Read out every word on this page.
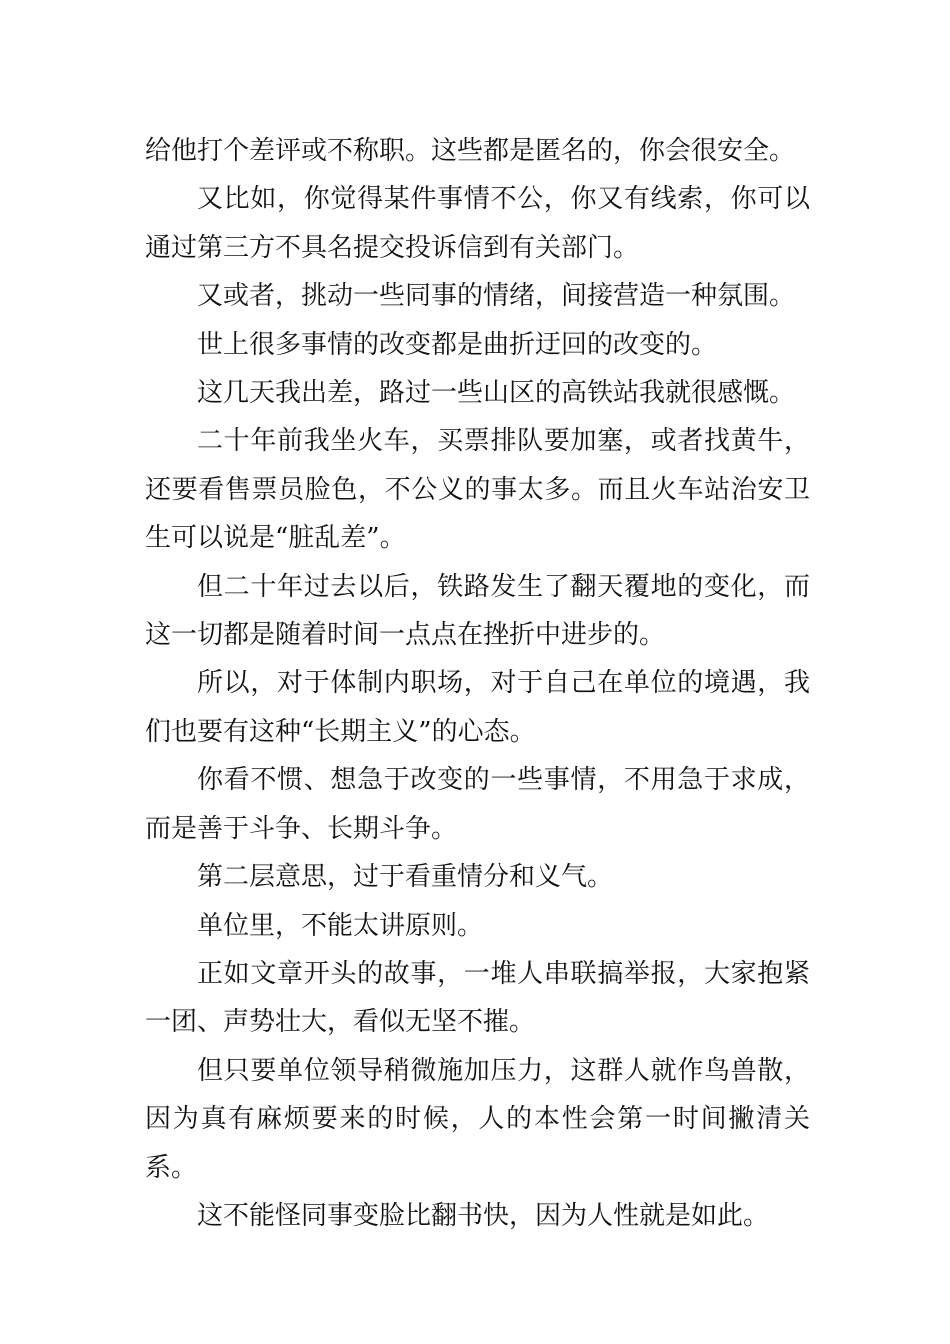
给他打个差评或不称职。这些都是匿名的，你会很安全。

又比如，你觉得某件事情不公，你又有线索，你可以通过第三方不具名提交投诉信到有关部门。

又或者，挑动一些同事的情绪，间接营造一种氛围。

世上很多事情的改变都是曲折迂回的改变的。

这几天我出差，路过一些山区的高铁站我就很感慨。

二十年前我坐火车，买票排队要加塞，或者找黄牛，还要看售票员脸色，不公义的事太多。而且火车站治安卫生可以说是“脏乱差”。

但二十年过去以后，铁路发生了翻天覆地的变化，而这一切都是随着时间一点点在挫折中进步的。

所以，对于体制内职场，对于自己在单位的境遇，我们也要有这种“长期主义”的心态。

你看不惯、想急于改变的一些事情，不用急于求成，而是善于斗争、长期斗争。

第二层意思，过于看重情分和义气。

单位里，不能太讲原则。

正如文章开头的故事，一堆人串联搞举报，大家抱紧一团、声势壮大，看似无坚不摧。

但只要单位领导稍微施加压力，这群人就作鸟兽散，因为真有麻烦要来的时候，人的本性会第一时间撇清关系。

这不能怪同事变脸比翻书快，因为人性就是如此。
